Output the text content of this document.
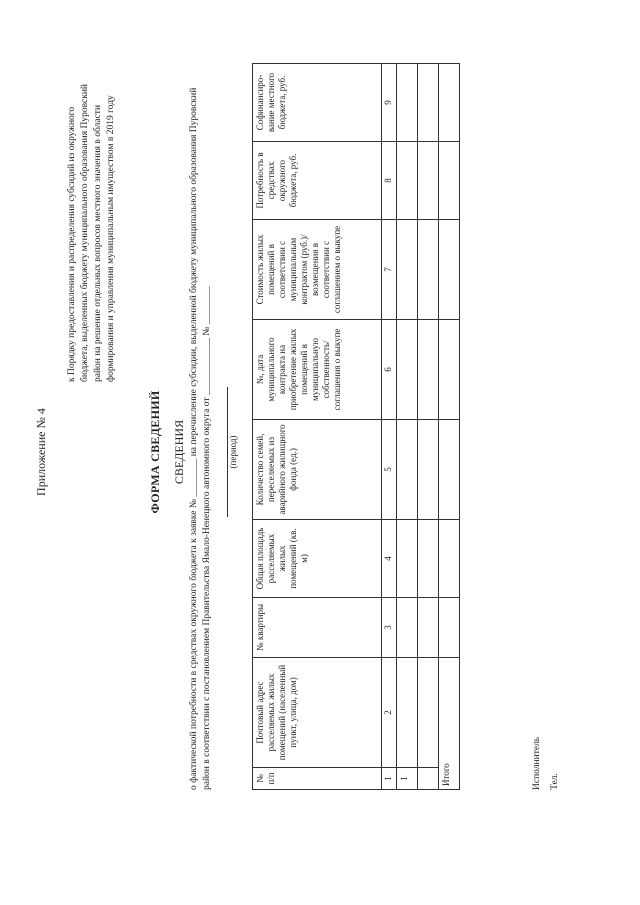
Приложение № 4
к Порядку предоставления и распределения субсидий из окружного бюджета, выделенных бюджету муниципального образования Пуровский район на решение отдельных вопросов местного значения в области формирования и управления муниципальным имуществом в 2019 году
ФОРМА СВЕДЕНИЙ СВЕДЕНИЯ о фактической потребности в средствах окружного бюджета к заявке № ________ на перечисление субсидии, выделенной бюджету муниципального образования Пуровский район в соответствии с постановлением Правительства Ямало-Ненецкого автономного округа от ____________ № ________	(период)
№ п/п	Почтовый адрес расселяемых жилых помещений (населенный пункт, улица, дом)	№ квартиры	Общая площадь расселяемых жилых помещений (кв. м)	Количество семей, переселяемых из аварийного жилищного фонда (ед.)	№, дата муниципального контракта на приобретение жилых помещений в муниципальную собственность/ соглашения о выкупе	Стоимость жилых помещений в соответствии с муниципальным контрактом (руб.)/ возмещения в соответствии с соглашением о выкупе	Потребность в средствах окружного бюджета, руб.	Софинансиро-вание местного бюджета, руб.
1	2	3	4	5	6	7	8	9
1								

Итого									Исполнитель Тел.
